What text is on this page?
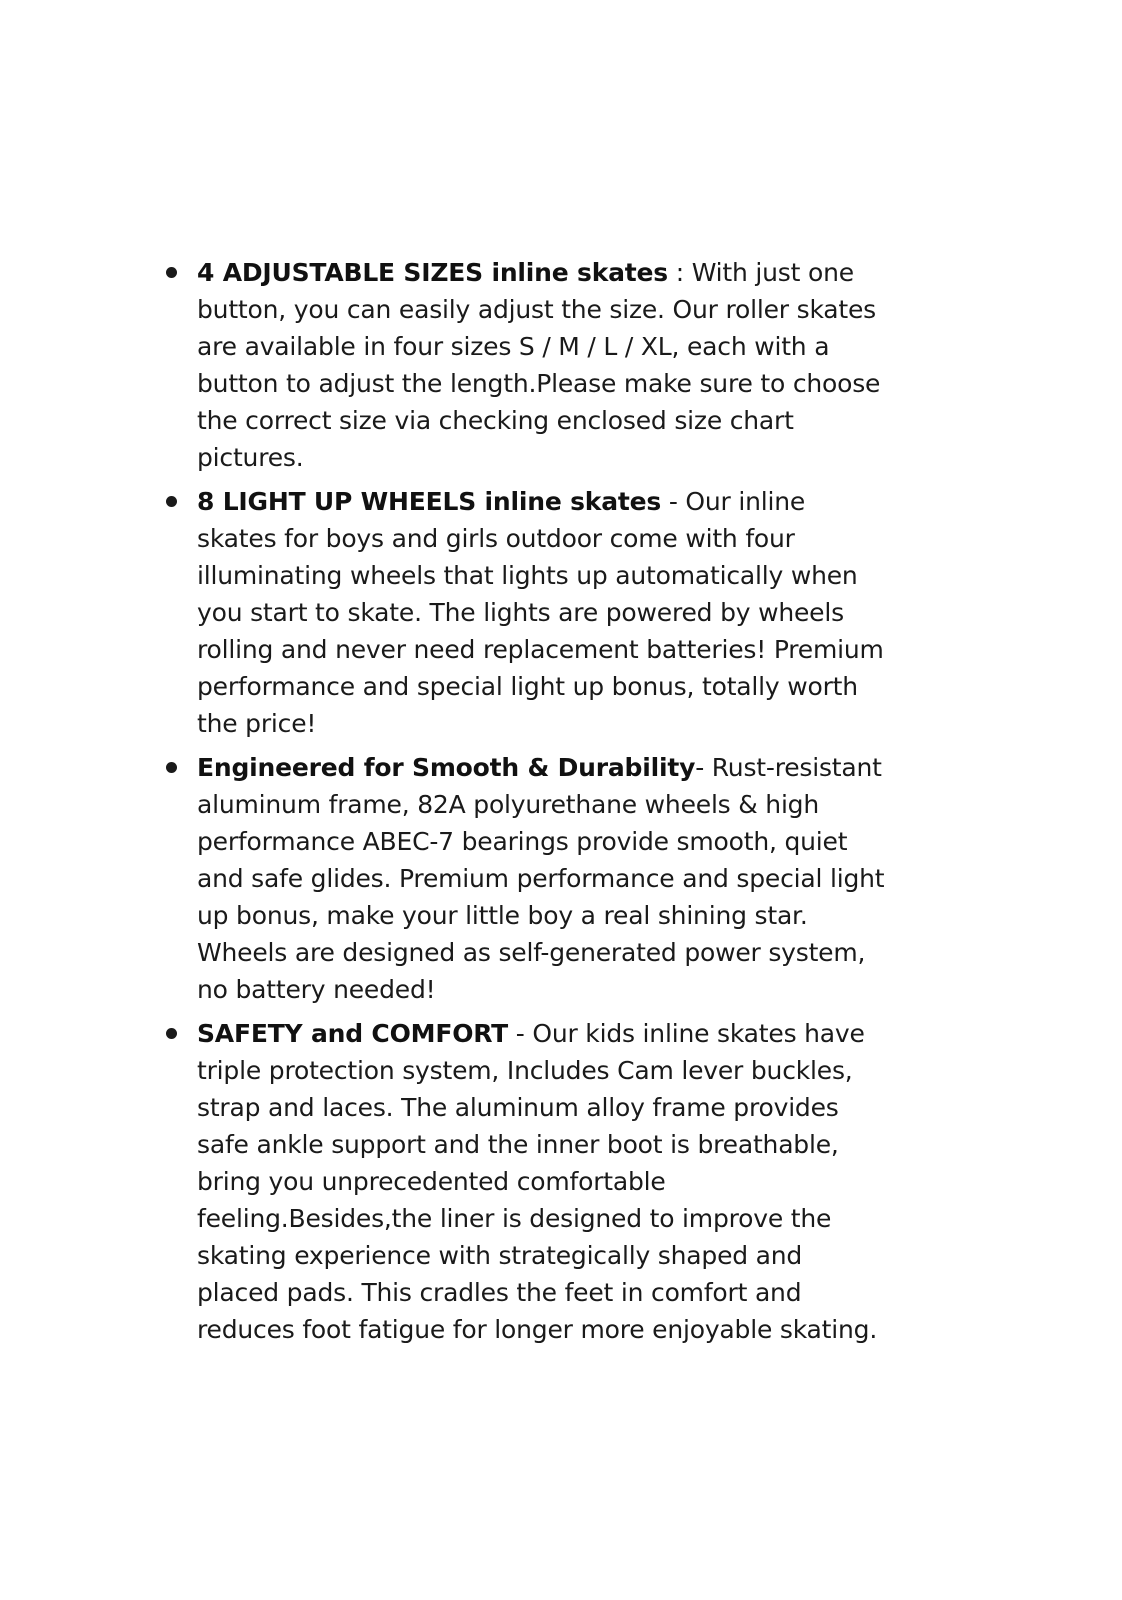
4 ADJUSTABLE SIZES inline skates : With just one button, you can easily adjust the size. Our roller skates are available in four sizes S / M / L / XL, each with a button to adjust the length.Please make sure to choose the correct size via checking enclosed size chart pictures.
8 LIGHT UP WHEELS inline skates - Our inline skates for boys and girls outdoor come with four illuminating wheels that lights up automatically when you start to skate. The lights are powered by wheels rolling and never need replacement batteries! Premium performance and special light up bonus, totally worth the price!
Engineered for Smooth & Durability- Rust-resistant aluminum frame, 82A polyurethane wheels & high performance ABEC-7 bearings provide smooth, quiet and safe glides. Premium performance and special light up bonus, make your little boy a real shining star. Wheels are designed as self-generated power system, no battery needed!
SAFETY and COMFORT - Our kids inline skates have triple protection system, Includes Cam lever buckles, strap and laces. The aluminum alloy frame provides safe ankle support and the inner boot is breathable, bring you unprecedented comfortable feeling.Besides,the liner is designed to improve the skating experience with strategically shaped and placed pads. This cradles the feet in comfort and reduces foot fatigue for longer more enjoyable skating.
